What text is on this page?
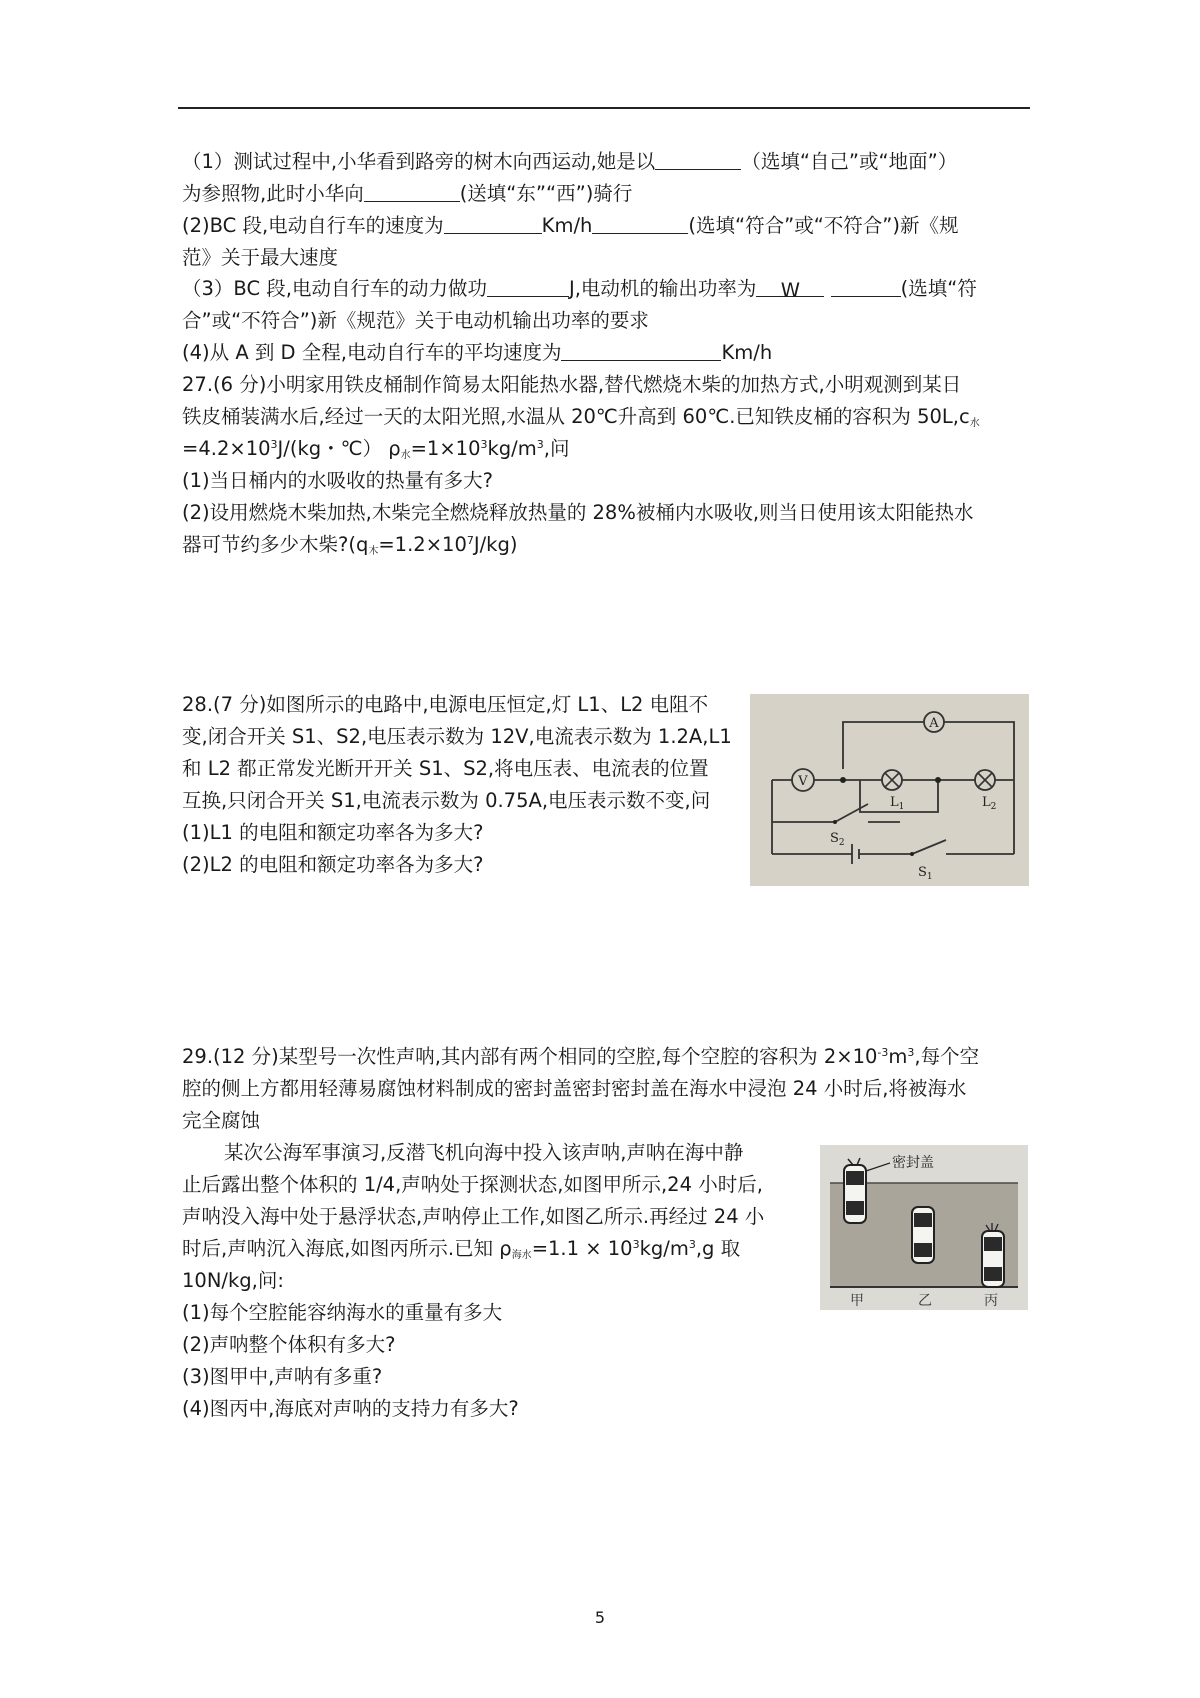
（1）测试过程中,小华看到路旁的树木向西运动,她是以	（选填“自己”或“地面”）
为参照物,此时小华向	(送填“东”“西”)骑行
(2)BC 段,电动自行车的速度为	Km/h	(选填“符合”或“不符合”)新《规
范》关于最大速度
（3）BC 段,电动自行车的动力做功	J,电动机的输出功率为 W	(选填“符
合”或“不符合”)新《规范》关于电动机输出功率的要求
(4)从 A 到 D 全程,电动自行车的平均速度为	Km/h
27.(6 分)小明家用铁皮桶制作简易太阳能热水器,替代燃烧木柴的加热方式,小明观测到某日
铁皮桶装满水后,经过一天的太阳光照,水温从 20℃升高到 60℃.已知铁皮桶的容积为 $50L,c_水$
$=4.2\times 10^3J/(kg$・℃） $\rho_水=1\times 10^3kg/m^3$,问
(1)当日桶内的水吸收的热量有多大?
(2)设用燃烧木柴加热,木柴完全燃烧释放热量的 28%被桶内水吸收,则当日使用该太阳能热水
器可节约多少木柴$?(q_木=1.2\times 10^7J/kg)$
28.(7 分)如图所示的电路中,电源电压恒定,灯 L1、L2 电阻不
变,闭合开关 S1、S2,电压表示数为 12V,电流表示数为 1.2A,L1
和 L2 都正常发光断开开关 S1、S2,将电压表、电流表的位置
互换,只闭合开关 S1,电流表示数为 0.75A,电压表示数不变,问
(1)L1 的电阻和额定功率各为多大?
(2)L2 的电阻和额定功率各为多大?
A
V
$L_1$	$L_2$
$S_2$
$S_1$
29.(12 分)某型号一次性声呐,其内部有两个相同的空腔,每个空腔的容积为 $2\times 10^{-3}m^3$,每个空
腔的侧上方都用轻薄易腐蚀材料制成的密封盖密封密封盖在海水中浸泡 24 小时后,将被海水
完全腐蚀
某次公海军事演习,反潜飞机向海中投入该声呐,声呐在海中静
止后露出整个体积的 1/4,声呐处于探测状态,如图甲所示,24 小时后,
声呐没入海中处于悬浮状态,声呐停止工作,如图乙所示.再经过 24 小
时后,声呐沉入海底,如图丙所示.已知 $\rho_{海水}=1.1 \times 10^3kg/m^3,g$ 取
10N/kg,问:
(1)每个空腔能容纳海水的重量有多大
(2)声呐整个体积有多大?
(3)图甲中,声呐有多重?
(4)图丙中,海底对声呐的支持力有多大?
密封盖
甲	乙	丙
5
